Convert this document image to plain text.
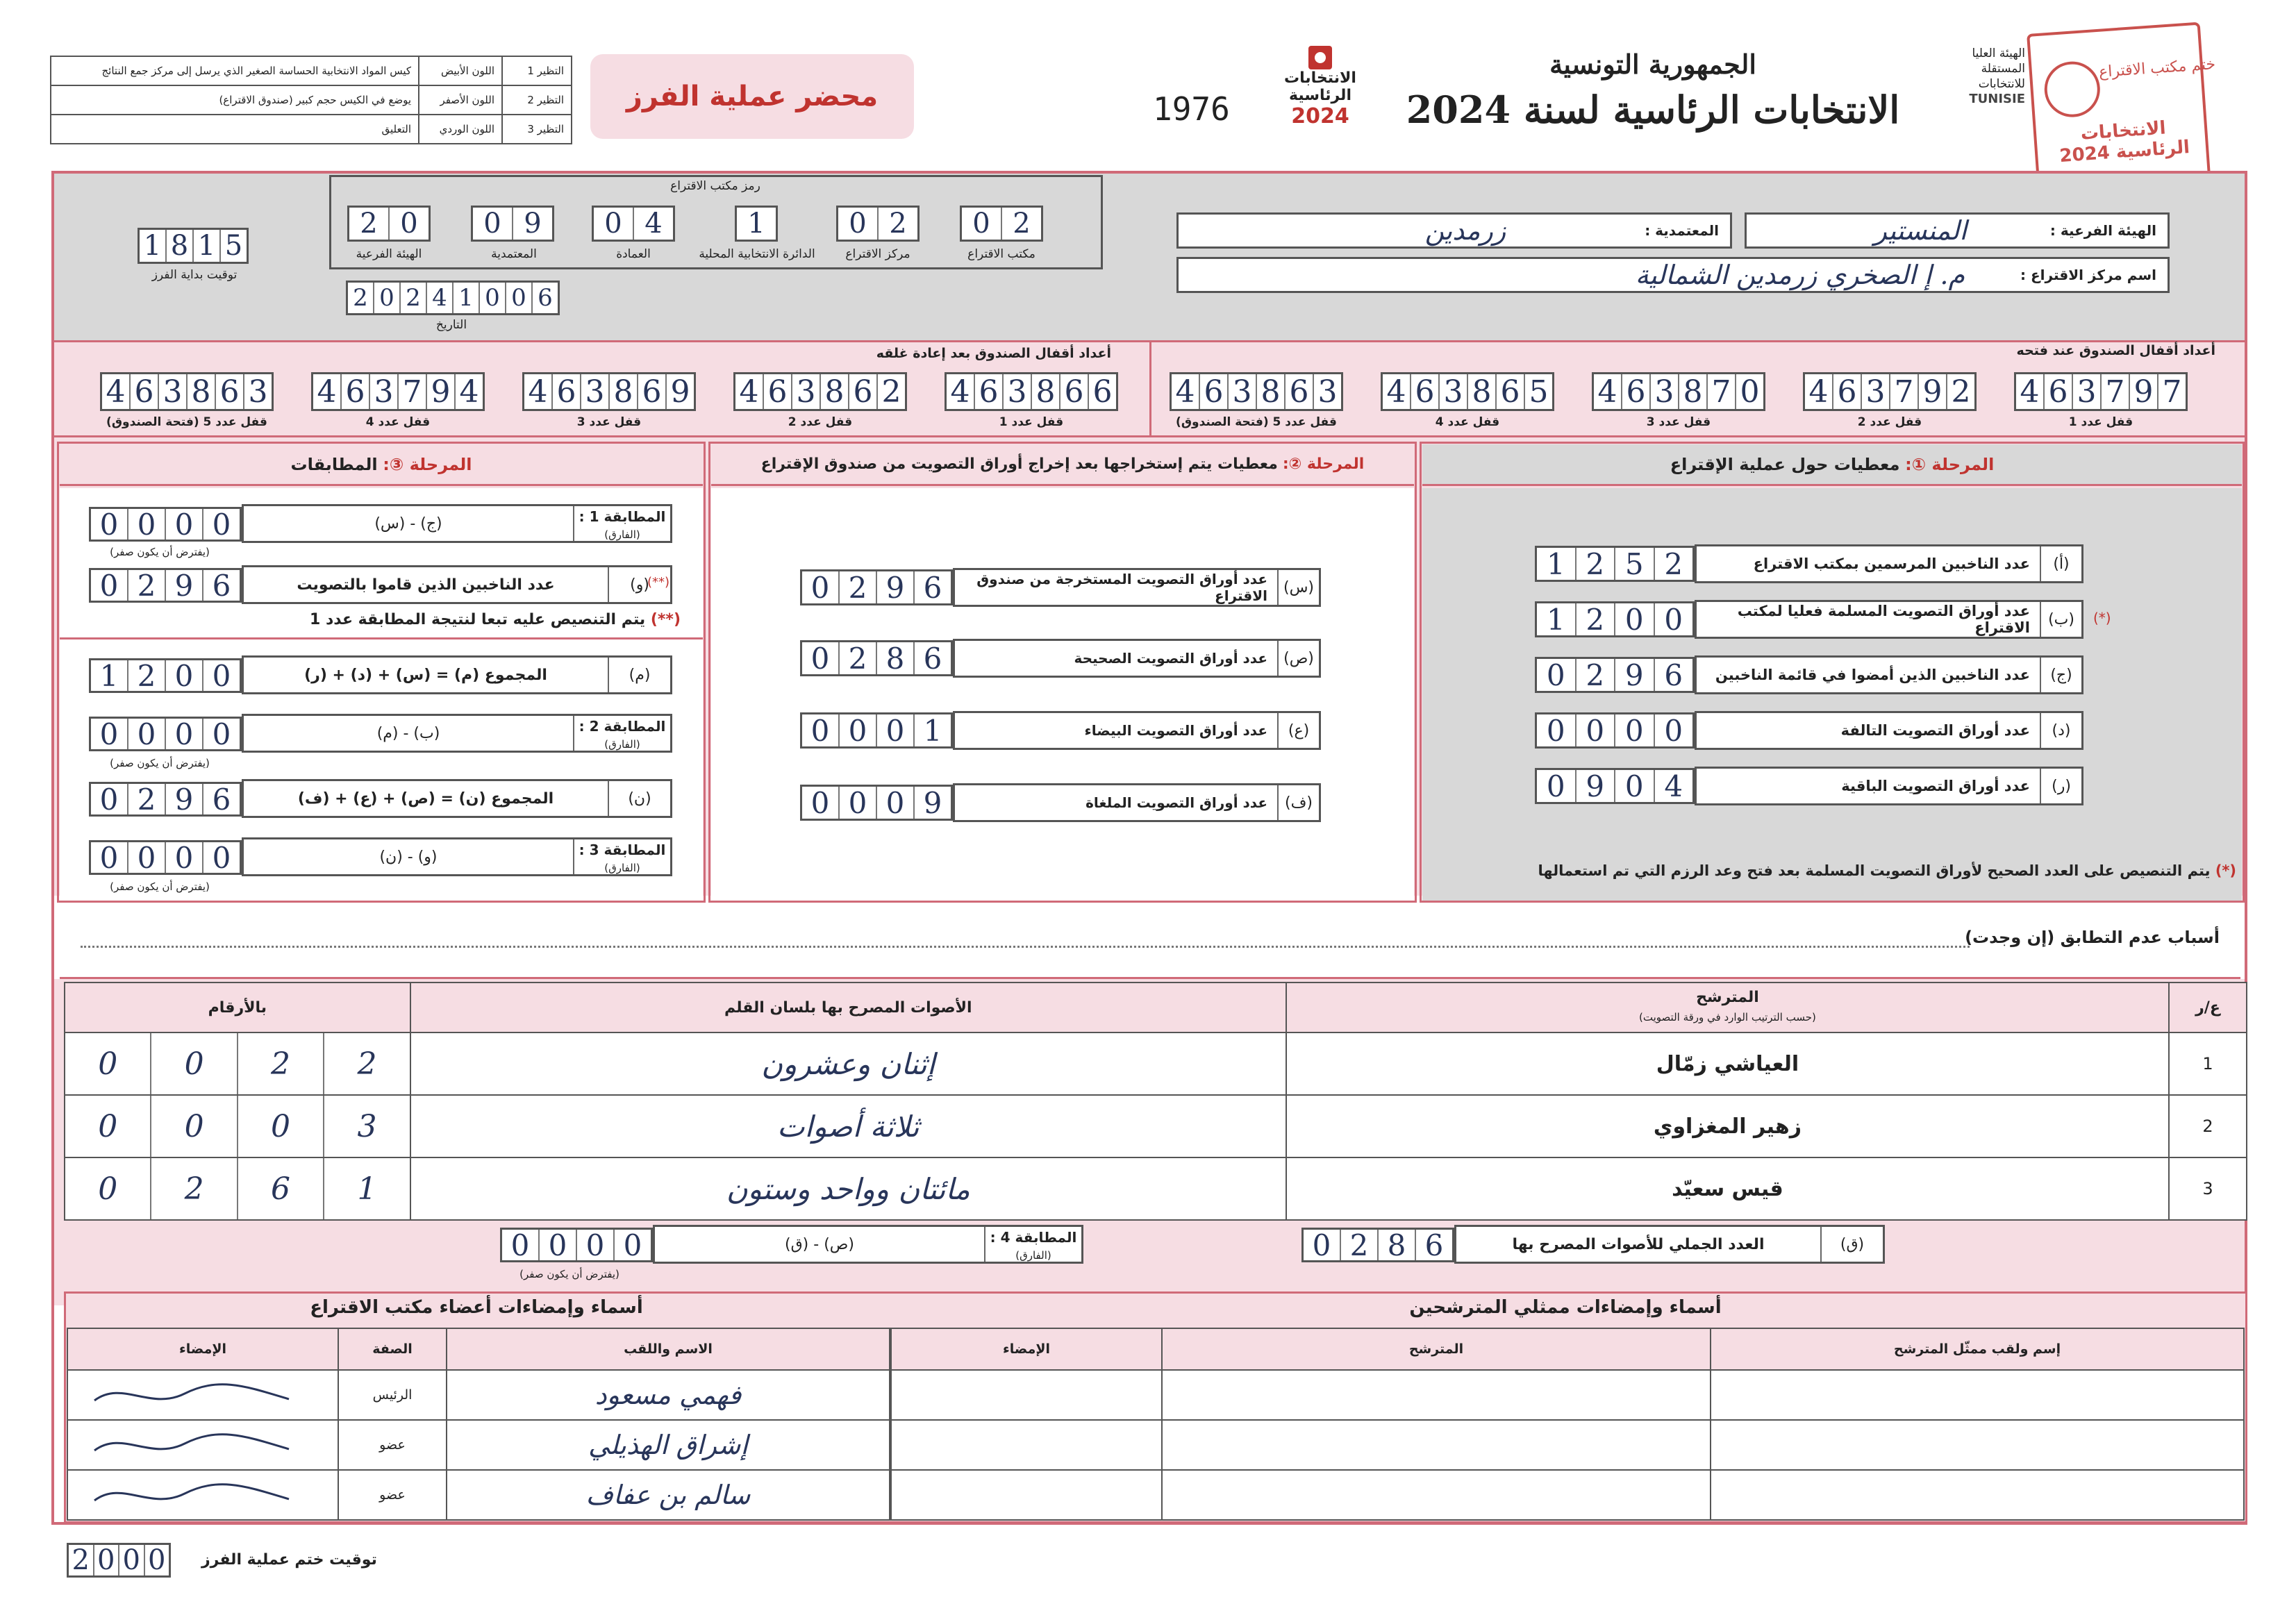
كيس المواد الانتخابية الحساسة الصغير الذي يرسل إلى مركز جمع النتائج	اللون الأبيض	التظير 1
يوضع في الكيس حجم كبير (صندوق الاقتراع)	اللون الأصفر	التظير 2
التعليق	اللون الوردي	التظير 3
محضر عملية الفرز	1976
الانتخابات
الرئاسية
2024
الجمهورية التونسية
الانتخابات الرئاسية لسنة 2024
الهيئة العليا المستقلة للانتخابات
TUNISIE
ختم مكتب الاقتراع
الانتخابات الرئاسية 2024
رمز مكتب الاقتراع
2 0
الهيئة الفرعية
0 9
المعتمدية
0 4
العمادة
1
الدائرة الانتخابية المحلية
0 2
مركز الاقتراع
0 2
مكتب الاقتراع
2 0 2 4 1 0 0 6
التاريخ
1 8 1 5
توقيت بداية الفرز
الهيئة الفرعية :
المنستير
المعتمدية :
زرمدين
اسم مركز الاقتراع :
م. إ الصخري زرمدين الشمالية
أعداد أقفال الصندوق بعد إعادة غلقه	أعداد أقفال الصندوق عند فتحه
4 6 3 8 6 6
قفل عدد 1
4 6 3 8 6 2
قفل عدد 2
4 6 3 8 6 9
قفل عدد 3
4 6 3 7 9 4
قفل عدد 4
4 6 3 8 6 3
قفل عدد 5 (فتحة الصندوق)
4 6 3 7 9 7
قفل عدد 1
4 6 3 7 9 2
قفل عدد 2
4 6 3 8 7 0
قفل عدد 3
4 6 3 8 6 5
قفل عدد 4
4 6 3 8 6 3
قفل عدد 5 (فتحة الصندوق)
المرحلة ③:

المطابقات	المرحلة ②:

معطيات يتم إستخراجها بعد إخراج أوراق التصويت من صندوق الإقتراع	المرحلة ①:

معطيات حول عملية الإقتراع
1 2 5 2	(أ)
عدد الناخبين المرسمين بمكتب الاقتراع
1 2 0 0	(ب)
عدد أوراق التصويت المسلمة فعليا لمكتب الاقتراع
(*)
0 2 9 6	(ج)
عدد الناخبين الذين أمضوا في قائمة الناخبين
0 0 0 0	(د)
عدد أوراق التصويت التالفة
0 9 0 4	(ر)
عدد أوراق التصويت الباقية
(*) يتم التنصيص على العدد الصحيح لأوراق التصويت المسلمة بعد فتح وعد الرزم التي تم استعمالها
0 2 9 6	(س)
عدد أوراق التصويت المستخرجة من صندوق الاقتراع
0 2 8 6	(ص)
عدد أوراق التصويت الصحيحة
0 0 0 1	(ع)
عدد أوراق التصويت البيضاء
0 0 0 9	(ف)
عدد أوراق التصويت الملغاة
0 0 0 0	المطابقة 1 :
(الفارق)
(ج) - (س)
(يفترض أن يكون صفر)
0 2 9 6	(و)
عدد الناخبين الذين قاموا بالتصويت	(**)
(**) يتم التنصيص عليه تبعا لنتيجة المطابقة عدد 1
1 2 0 0	(م)
المجموع (م) = (س) + (د) + (ر)
0 0 0 0	المطابقة 2 :
(الفارق)
(ب) - (م)
(يفترض أن يكون صفر)
0 2 9 6	(ن)
المجموع (ن) = (ص) + (ع) + (ف)
0 0 0 0	المطابقة 3 :
(الفارق)
(و) - (ن)
(يفترض أن يكون صفر)
أسباب عدم التطابق (إن وجدت)
بالأرقام	الأصوات المصرح بها بلسان القلم	المترشح
(حسب الترتيب الوارد في ورقة التصويت)	ع/ر

0 0 2 2	إثنان وعشرون	العياشي زمّال	1

0 0 0 3	ثلاثة أصوات	زهير المغزاوي	2

0 2 6 1	مائتان وواحد وستون	قيس سعيّد	3
0 2 8 6	(ق)
العدد الجملي للأصوات المصرح بها
0 0 0 0	المطابقة 4 :
(الفارق)
(ص) - (ق)
(يفترض أن يكون صفر)
أسماء وإمضاءات أعضاء مكتب الاقتراع	أسماء وإمضاءات ممثلي المترشحين
الإمضاء	الصفة	الاسم واللقب
	الرئيس	فهمي مسعود
	عضو	إشراق الهذيلي
	عضو	سالم بن عفاف
الإمضاء	المترشح	إسم ولقب ممثّل المترشح

2 0 0 0 توقيت ختم عملية الفرز
